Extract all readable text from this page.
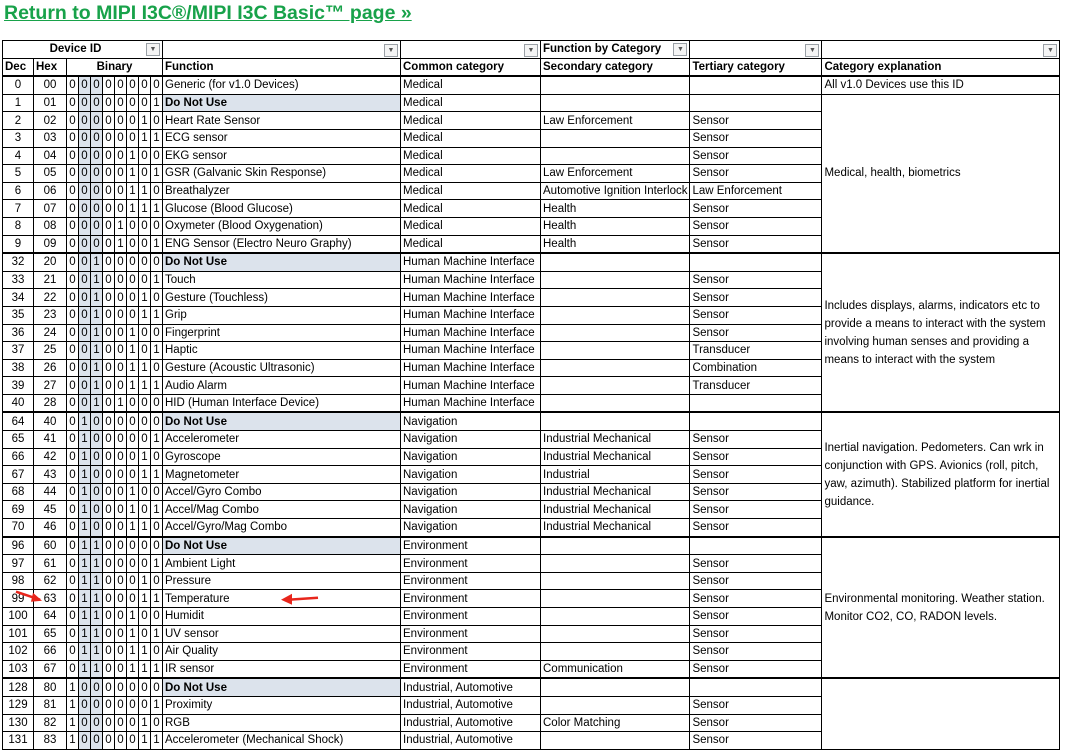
Return to MIPI I3C®/MIPI I3C Basic™ page »
Device ID ▼										▼	▼	Function by Category ▼	▼	▼

Dec	Hex	Binary								Function	Common category	Secondary category	Tertiary category	Category explanation
0	00	0	0	0	0	0	0	0	0	Generic (for v1.0 Devices)	Medical			All v1.0 Devices use this ID
1	01	0	0	0	0	0	0	0	1	Do Not Use	Medical			Medical, health, biometrics
2	02	0	0	0	0	0	0	1	0	Heart Rate Sensor	Medical	Law Enforcement	Sensor	
3	03	0	0	0	0	0	0	1	1	ECG sensor	Medical		Sensor	
4	04	0	0	0	0	0	1	0	0	EKG sensor	Medical		Sensor	
5	05	0	0	0	0	0	1	0	1	GSR (Galvanic Skin Response)	Medical	Law Enforcement	Sensor	
6	06	0	0	0	0	0	1	1	0	Breathalyzer	Medical	Automotive Ignition Interlock	Law Enforcement	
7	07	0	0	0	0	0	1	1	1	Glucose (Blood Glucose)	Medical	Health	Sensor	
8	08	0	0	0	0	1	0	0	0	Oxymeter (Blood Oxygenation)	Medical	Health	Sensor	
9	09	0	0	0	0	1	0	0	1	ENG Sensor (Electro Neuro Graphy)	Medical	Health	Sensor	
32	20	0	0	1	0	0	0	0	0	Do Not Use	Human Machine Interface			Includes displays, alarms, indicators etc to provide a means to interact with the system involving human senses and providing a means to interact with the system
33	21	0	0	1	0	0	0	0	1	Touch	Human Machine Interface		Sensor	
34	22	0	0	1	0	0	0	1	0	Gesture (Touchless)	Human Machine Interface		Sensor	
35	23	0	0	1	0	0	0	1	1	Grip	Human Machine Interface		Sensor	
36	24	0	0	1	0	0	1	0	0	Fingerprint	Human Machine Interface		Sensor	
37	25	0	0	1	0	0	1	0	1	Haptic	Human Machine Interface		Transducer	
38	26	0	0	1	0	0	1	1	0	Gesture (Acoustic Ultrasonic)	Human Machine Interface		Combination	
39	27	0	0	1	0	0	1	1	1	Audio Alarm	Human Machine Interface		Transducer	
40	28	0	0	1	0	1	0	0	0	HID (Human Interface Device)	Human Machine Interface			
64	40	0	1	0	0	0	0	0	0	Do Not Use	Navigation			Inertial navigation. Pedometers. Can wrk in conjunction with GPS. Avionics (roll, pitch, yaw, azimuth). Stabilized platform for inertial guidance.
65	41	0	1	0	0	0	0	0	1	Accelerometer	Navigation	Industrial Mechanical	Sensor	
66	42	0	1	0	0	0	0	1	0	Gyroscope	Navigation	Industrial Mechanical	Sensor	
67	43	0	1	0	0	0	0	1	1	Magnetometer	Navigation	Industrial	Sensor	
68	44	0	1	0	0	0	1	0	0	Accel/Gyro Combo	Navigation	Industrial Mechanical	Sensor	
69	45	0	1	0	0	0	1	0	1	Accel/Mag Combo	Navigation	Industrial Mechanical	Sensor	
70	46	0	1	0	0	0	1	1	0	Accel/Gyro/Mag Combo	Navigation	Industrial Mechanical	Sensor	
96	60	0	1	1	0	0	0	0	0	Do Not Use	Environment			Environmental monitoring. Weather station. Monitor CO2, CO, RADON levels.
97	61	0	1	1	0	0	0	0	1	Ambient Light	Environment		Sensor	
98	62	0	1	1	0	0	0	1	0	Pressure	Environment		Sensor	
99	63	0	1	1	0	0	0	1	1	Temperature	Environment		Sensor	
100	64	0	1	1	0	0	1	0	0	Humidit	Environment		Sensor	
101	65	0	1	1	0	0	1	0	1	UV sensor	Environment		Sensor	
102	66	0	1	1	0	0	1	1	0	Air Quality	Environment		Sensor	
103	67	0	1	1	0	0	1	1	1	IR sensor	Environment	Communication	Sensor	
128	80	1	0	0	0	0	0	0	0	Do Not Use	Industrial, Automotive			
129	81	1	0	0	0	0	0	0	1	Proximity	Industrial, Automotive		Sensor	
130	82	1	0	0	0	0	0	1	0	RGB	Industrial, Automotive	Color Matching	Sensor	
131	83	1	0	0	0	0	0	1	1	Accelerometer (Mechanical Shock)	Industrial, Automotive		Sensor	
